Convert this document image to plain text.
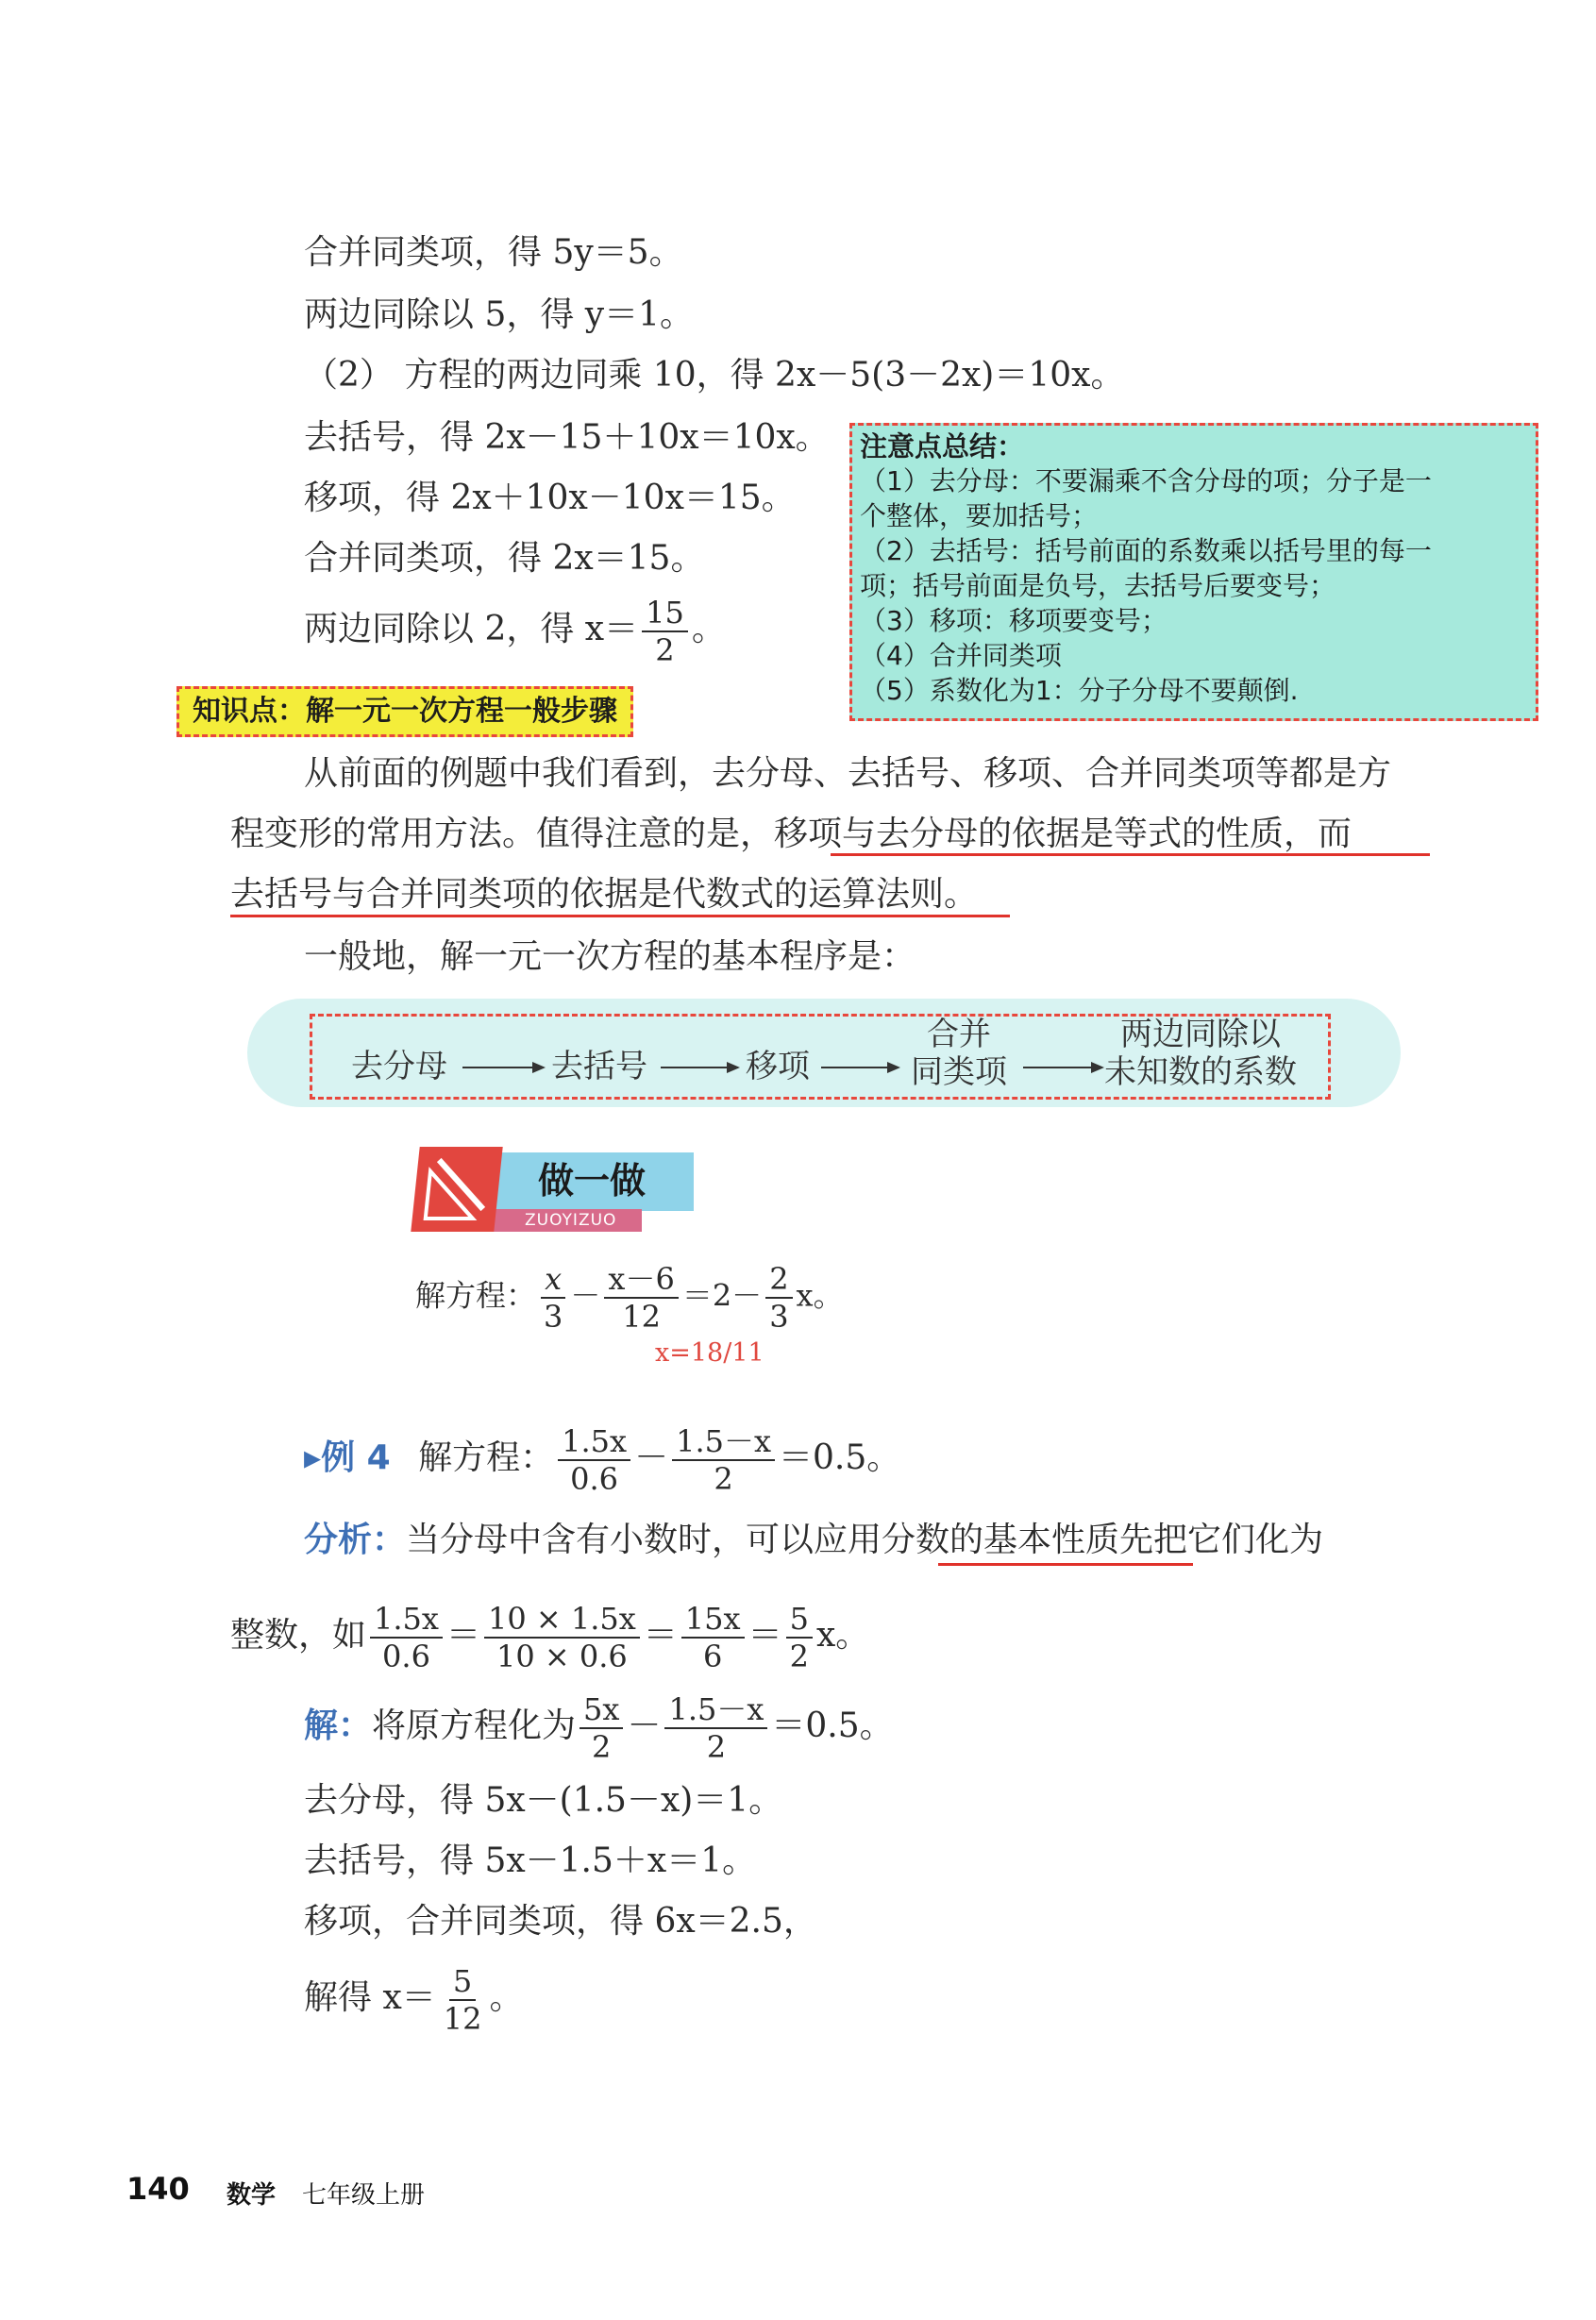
合并同类项，得 5y＝5。
两边同除以 5，得 y＝1。
（2） 方程的两边同乘 10，得 2x－5(3－2x)＝10x。
去括号，得 2x－15＋10x＝10x。
移项，得 2x＋10x－10x＝15。
合并同类项，得 2x＝15。
两边同除以 2，得 $x= \frac{15}{2}$ 。
注意点总结：
（1）去分母：不要漏乘不含分母的项；分子是一
个整体，要加括号；
（2）去括号：括号前面的系数乘以括号里的每一
项；括号前面是负号，去括号后要变号；
（3）移项：移项要变号；
（4）合并同类项
（5）系数化为1：分子分母不要颠倒.
知识点：解一元一次方程一般步骤
从前面的例题中我们看到，去分母、去括号、移项、合并同类项等都是方
程变形的常用方法。值得注意的是，移项与去分母的依据是等式的性质，而
去括号与合并同类项的依据是代数式的运算法则。
一般地，解一元一次方程的基本程序是：
去分母	去括号	移项
合并
同类项
两边同除以
未知数的系数
做一做
ZUOYIZUO
解方程： $\frac{x}{3} - \frac{x-6}{12} =2- \frac{2}{3}$ x。
x=18/11
▸例 4 解方程： $\frac{1.5x}{0.6} - \frac{1.5-x}{2} =0.5$。
分析：当分母中含有小数时，可以应用分数的基本性质先把它们化为
整数，如 $\frac{1.5x}{0.6} = \frac{10 \times 1.5x}{10 \times 0.6} = \frac{15x}{6} = \frac{5}{2}$ x。
解：将原方程化为 $\frac{5x}{2} - \frac{1.5-x}{2} =0.5$。
去分母，得 5x－(1.5－x)＝1。
去括号，得 5x－1.5＋x＝1。
移项，合并同类项，得 6x＝2.5，
解得 $x= \frac{5}{12}$ 。
140 数学 七年级上册
